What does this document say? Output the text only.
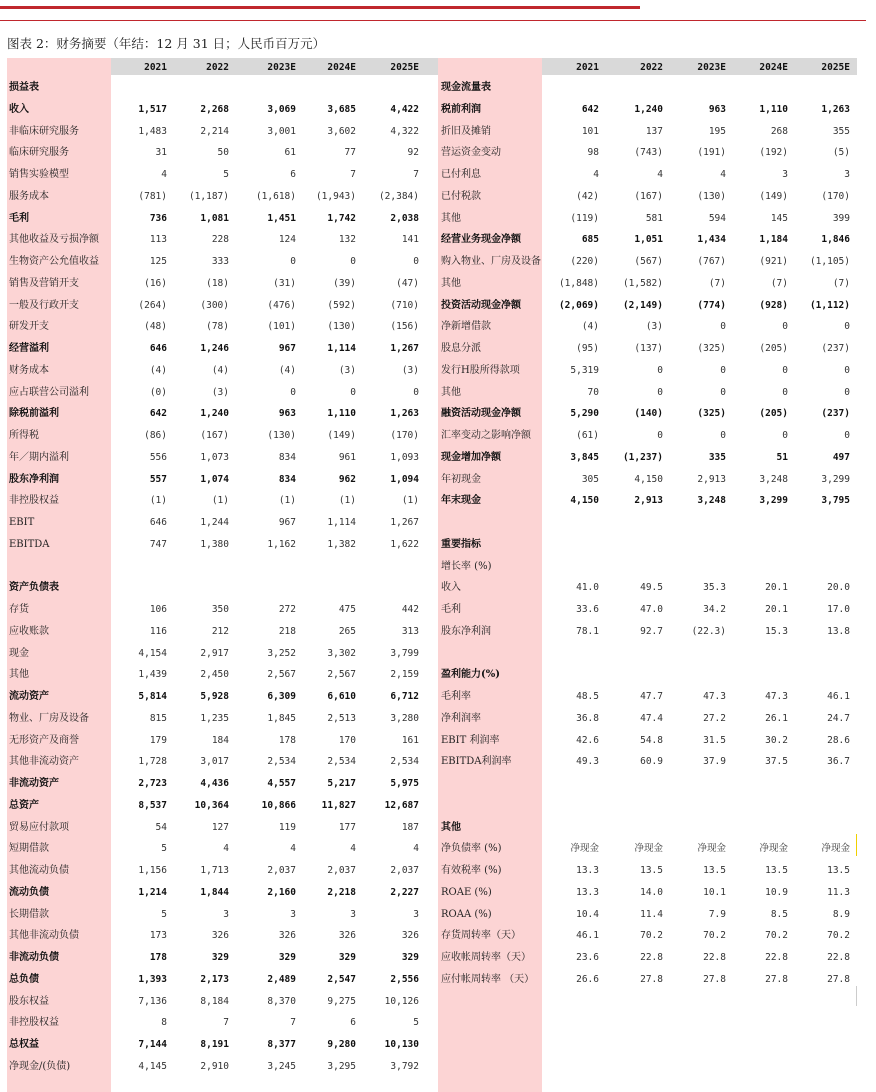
图表 2：财务摘要（年结：12 月 31 日；人民币百万元）
2021	2022	2023E	2024E	2025E	2021	2022	2023E	2024E	2025E
损益表
收入	1,517	2,268	3,069	3,685	4,422
非临床研究服务	1,483	2,214	3,001	3,602	4,322
临床研究服务	31	50	61	77	92
销售实验模型	4	5	6	7	7
服务成本	(781)	(1,187)	(1,618)	(1,943)	(2,384)
毛利	736	1,081	1,451	1,742	2,038
其他收益及亏损净额	113	228	124	132	141
生物资产公允值收益	125	333	0	0	0
销售及营销开支	(16)	(18)	(31)	(39)	(47)
一般及行政开支	(264)	(300)	(476)	(592)	(710)
研发开支	(48)	(78)	(101)	(130)	(156)
经营溢利	646	1,246	967	1,114	1,267
财务成本	(4)	(4)	(4)	(3)	(3)
应占联营公司溢利	(0)	(3)	0	0	0
除税前溢利	642	1,240	963	1,110	1,263
所得税	(86)	(167)	(130)	(149)	(170)
年／期内溢利	556	1,073	834	961	1,093
股东净利润	557	1,074	834	962	1,094
非控股权益	(1)	(1)	(1)	(1)	(1)
EBIT	646	1,244	967	1,114	1,267
EBITDA	747	1,380	1,162	1,382	1,622
资产负债表
存货	106	350	272	475	442
应收账款	116	212	218	265	313
现金	4,154	2,917	3,252	3,302	3,799
其他	1,439	2,450	2,567	2,567	2,159
流动资产	5,814	5,928	6,309	6,610	6,712
物业、厂房及设备	815	1,235	1,845	2,513	3,280
无形资产及商誉	179	184	178	170	161
其他非流动资产	1,728	3,017	2,534	2,534	2,534
非流动资产	2,723	4,436	4,557	5,217	5,975
总资产	8,537	10,364	10,866	11,827	12,687
贸易应付款项	54	127	119	177	187
短期借款	5	4	4	4	4
其他流动负债	1,156	1,713	2,037	2,037	2,037
流动负债	1,214	1,844	2,160	2,218	2,227
长期借款	5	3	3	3	3
其他非流动负债	173	326	326	326	326
非流动负债	178	329	329	329	329
总负债	1,393	2,173	2,489	2,547	2,556
股东权益	7,136	8,184	8,370	9,275	10,126
非控股权益	8	7	7	6	5
总权益	7,144	8,191	8,377	9,280	10,130
净现金/(负债)	4,145	2,910	3,245	3,295	3,792
现金流量表
税前利润	642	1,240	963	1,110	1,263
折旧及摊销	101	137	195	268	355
营运资金变动	98	(743)	(191)	(192)	(5)
已付利息	4	4	4	3	3
已付税款	(42)	(167)	(130)	(149)	(170)
其他	(119)	581	594	145	399
经营业务现金净额	685	1,051	1,434	1,184	1,846
购入物业、厂房及设备	(220)	(567)	(767)	(921)	(1,105)
其他	(1,848)	(1,582)	(7)	(7)	(7)
投资活动现金净额	(2,069)	(2,149)	(774)	(928)	(1,112)
净新增借款	(4)	(3)	0	0	0
股息分派	(95)	(137)	(325)	(205)	(237)
发行H股所得款项	5,319	0	0	0	0
其他	70	0	0	0	0
融资活动现金净额	5,290	(140)	(325)	(205)	(237)
汇率变动之影响净额	(61)	0	0	0	0
现金增加净额	3,845	(1,237)	335	51	497
年初现金	305	4,150	2,913	3,248	3,299
年末现金	4,150	2,913	3,248	3,299	3,795
重要指标
增长率 (%)
收入	41.0	49.5	35.3	20.1	20.0
毛利	33.6	47.0	34.2	20.1	17.0
股东净利润	78.1	92.7	(22.3)	15.3	13.8
盈利能力(%)
毛利率	48.5	47.7	47.3	47.3	46.1
净利润率	36.8	47.4	27.2	26.1	24.7
EBIT 利润率	42.6	54.8	31.5	30.2	28.6
EBITDA利润率	49.3	60.9	37.9	37.5	36.7
其他
净负债率 (%)	净现金	净现金	净现金	净现金	净现金
有效税率 (%)	13.3	13.5	13.5	13.5	13.5
ROAE (%)	13.3	14.0	10.1	10.9	11.3
ROAA (%)	10.4	11.4	7.9	8.5	8.9
存货周转率（天）	46.1	70.2	70.2	70.2	70.2
应收帐周转率（天）	23.6	22.8	22.8	22.8	22.8
应付帐周转率 （天）	26.6	27.8	27.8	27.8	27.8
